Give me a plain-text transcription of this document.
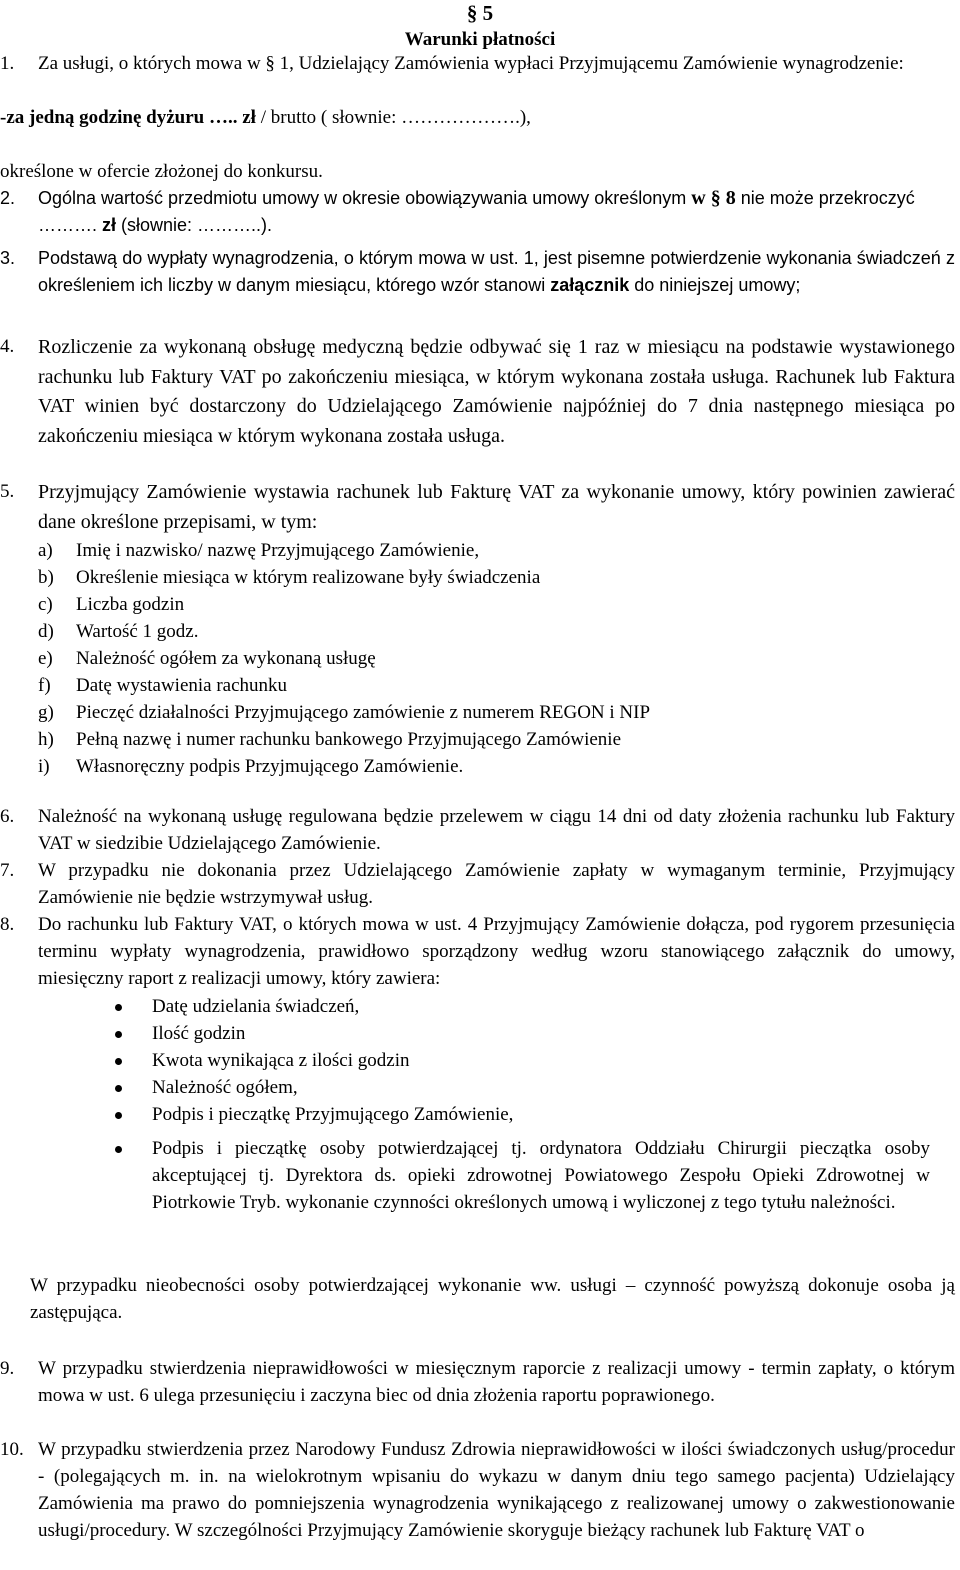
§ 5
Warunki płatności
1.	Za usługi, o których mowa w § 1, Udzielający Zamówienia wypłaci Przyjmującemu Zamówienie wynagrodzenie:
-za jedną godzinę dyżuru ….. zł / brutto ( słownie: ……………….),
określone w ofercie złożonej do konkursu.
2.	Ogólna wartość przedmiotu umowy w okresie obowiązywania umowy określonym w § 8 nie może przekroczyć ………. zł (słownie: ………..).
3.	Podstawą do wypłaty wynagrodzenia, o którym mowa w ust. 1, jest pisemne potwierdzenie wykonania świadczeń z określeniem ich liczby w danym miesiącu, którego wzór stanowi załącznik do niniejszej umowy;
4.	Rozliczenie za wykonaną obsługę medyczną będzie odbywać się 1 raz w miesiącu na podstawie wystawionego rachunku lub Faktury VAT po zakończeniu miesiąca, w którym wykonana została usługa. Rachunek lub Faktura VAT winien być dostarczony do Udzielającego Zamówienie najpóźniej do 7 dnia następnego miesiąca po zakończeniu miesiąca w którym wykonana została usługa.
5.	Przyjmujący Zamówienie wystawia rachunek lub Fakturę VAT za wykonanie umowy, który powinien zawierać dane określone przepisami, w tym:
a) Imię i nazwisko/ nazwę Przyjmującego Zamówienie,
b) Określenie miesiąca w którym realizowane były świadczenia
c) Liczba godzin
d) Wartość 1 godz.
e) Należność ogółem za wykonaną usługę
f) Datę wystawienia rachunku
g) Pieczęć działalności Przyjmującego zamówienie z numerem REGON i NIP
h) Pełną nazwę i numer rachunku bankowego Przyjmującego Zamówienie
i) Własnoręczny podpis Przyjmującego Zamówienie.
6.	Należność na wykonaną usługę regulowana będzie przelewem w ciągu 14 dni od daty złożenia rachunku lub Faktury VAT w siedzibie Udzielającego Zamówienie.
7.	W przypadku nie dokonania przez Udzielającego Zamówienie zapłaty w wymaganym terminie, Przyjmujący Zamówienie nie będzie wstrzymywał usług.
8.	Do rachunku lub Faktury VAT, o których mowa w ust. 4 Przyjmujący Zamówienie dołącza, pod rygorem przesunięcia terminu wypłaty wynagrodzenia, prawidłowo sporządzony według wzoru stanowiącego załącznik do umowy, miesięczny raport z realizacji umowy, który zawiera:
Datę udzielania świadczeń,
Ilość godzin
Kwota wynikająca z ilości godzin
Należność ogółem,
Podpis i pieczątkę Przyjmującego Zamówienie,
Podpis i pieczątkę osoby potwierdzającej tj. ordynatora Oddziału Chirurgii pieczątka osoby akceptującej tj. Dyrektora ds. opieki zdrowotnej Powiatowego Zespołu Opieki Zdrowotnej w Piotrkowie Tryb. wykonanie czynności określonych umową i wyliczonej z tego tytułu należności.
W przypadku nieobecności osoby potwierdzającej wykonanie ww. usługi – czynność powyższą dokonuje osoba ją zastępująca.
9.	W przypadku stwierdzenia nieprawidłowości w miesięcznym raporcie z realizacji umowy - termin zapłaty, o którym mowa w ust. 6 ulega przesunięciu i zaczyna biec od dnia złożenia raportu poprawionego.
10. W przypadku stwierdzenia przez Narodowy Fundusz Zdrowia nieprawidłowości w ilości świadczonych usług/procedur - (polegających m. in. na wielokrotnym wpisaniu do wykazu w danym dniu tego samego pacjenta) Udzielający Zamówienia ma prawo do pomniejszenia wynagrodzenia wynikającego z realizowanej umowy o zakwestionowanie usługi/procedury. W szczególności Przyjmujący Zamówienie skoryguje bieżący rachunek lub Fakturę VAT o
